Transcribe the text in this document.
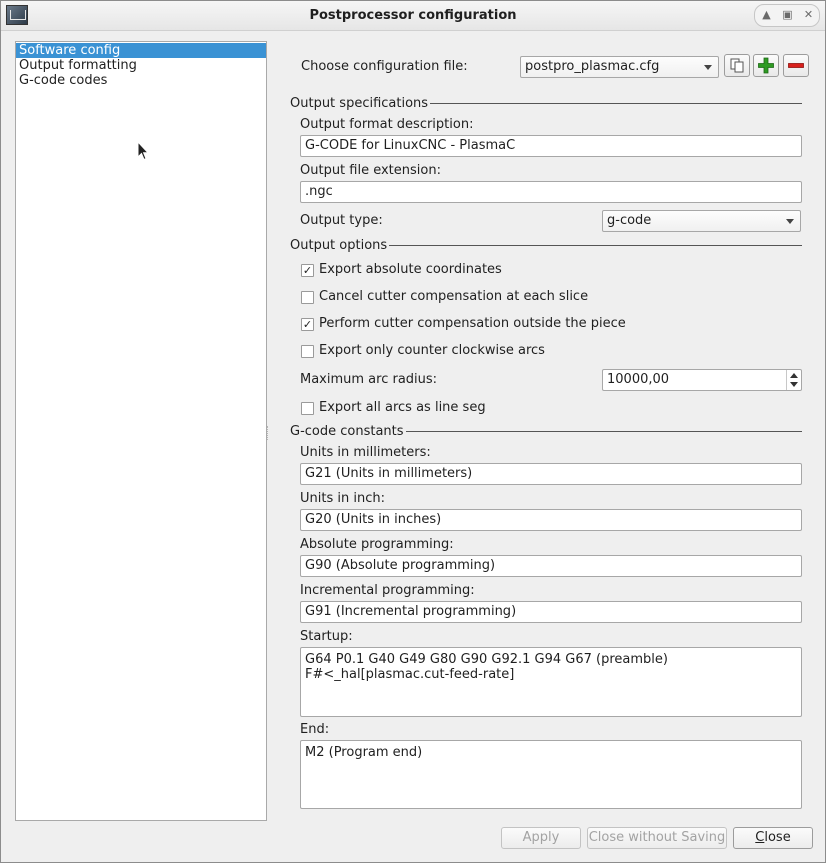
Postprocessor configuration	▲	▣	✕
Software config
Output formatting
G-code codes
Choose configuration file:	postpro_plasmac.cfg
Output specifications
Output format description:
G-CODE for LinuxCNC - PlasmaC
Output file extension:
.ngc
Output type:	g-code
Output options
✓ Export absolute coordinates
Cancel cutter compensation at each slice
✓ Perform cutter compensation outside the piece
Export only counter clockwise arcs
Maximum arc radius:	10000,00
Export all arcs as line seg
G-code constants
Units in millimeters:
G21 (Units in millimeters)
Units in inch:
G20 (Units in inches)
Absolute programming:
G90 (Absolute programming)
Incremental programming:
G91 (Incremental programming)
Startup:
G64 P0.1 G40 G49 G80 G90 G92.1 G94 G67 (preamble)
F#<_hal[plasmac.cut-feed-rate]
End:
M2 (Program end)
Apply	Close without Saving	Close
